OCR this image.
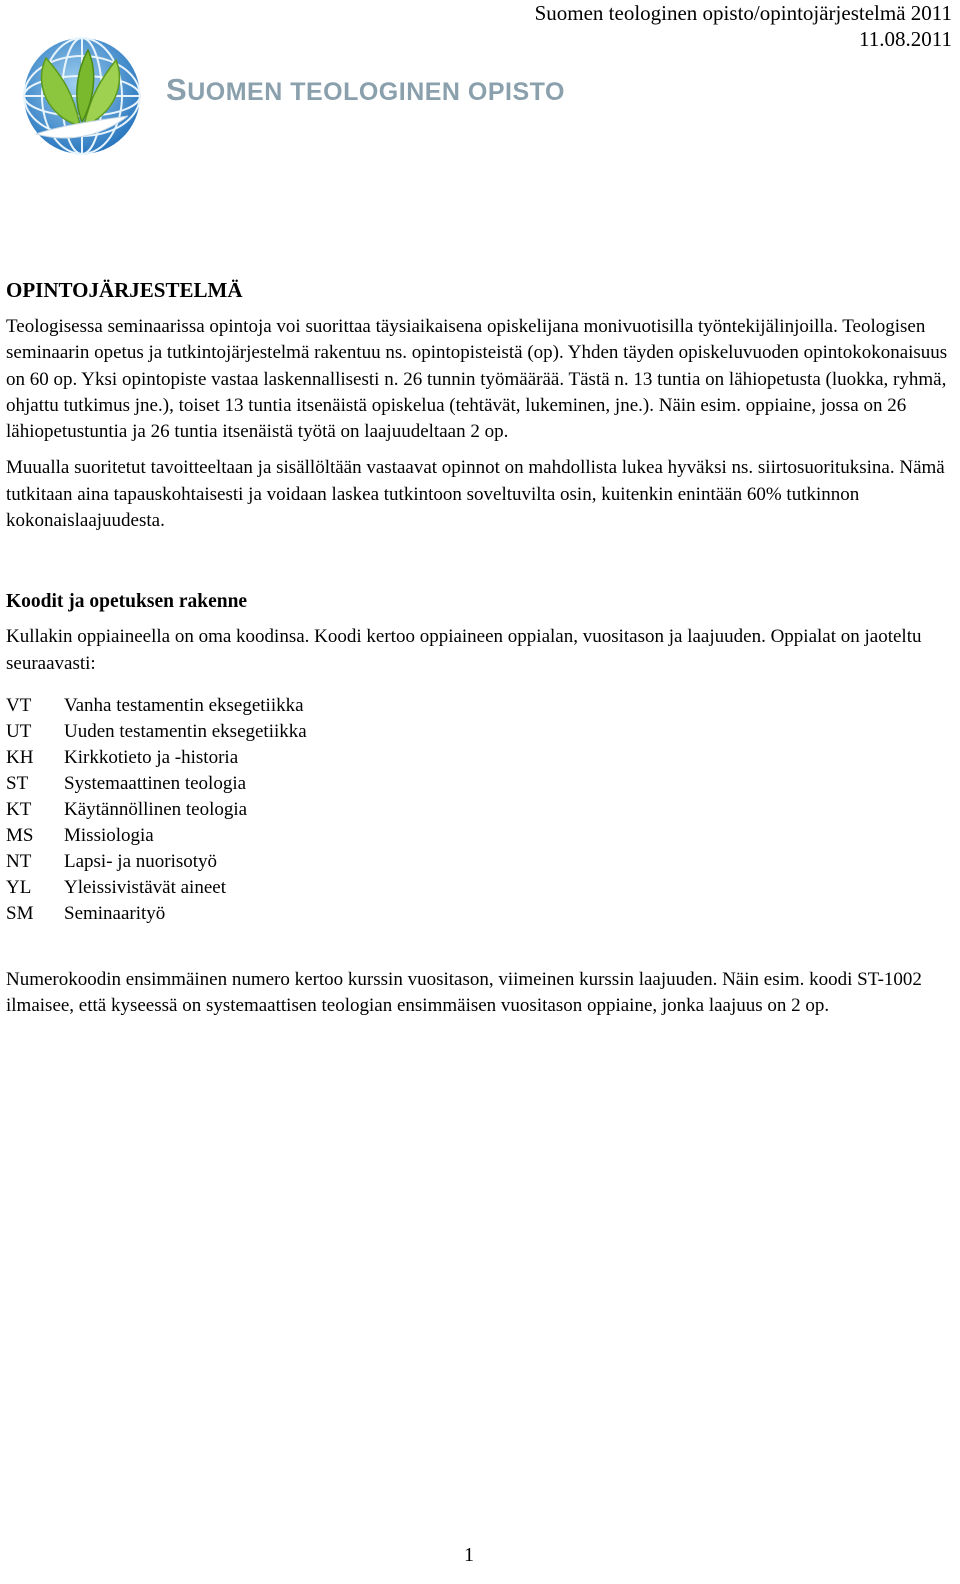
Suomen teologinen opisto/opintojärjestelmä 2011
11.08.2011
SUOMEN TEOLOGINEN OPISTO
OPINTOJÄRJESTELMÄ

Teologisessa seminaarissa opintoja voi suorittaa täysiaikaisena opiskelijana monivuotisilla työntekijälinjoilla. Teologisen seminaarin opetus ja tutkintojärjestelmä rakentuu ns. opintopisteistä (op). Yhden täyden opiskeluvuoden opintokokonaisuus on 60 op. Yksi opintopiste vastaa laskennallisesti n. 26 tunnin työmäärää. Tästä n. 13 tuntia on lähiopetusta (luokka, ryhmä, ohjattu tutkimus jne.), toiset 13 tuntia itsenäistä opiskelua (tehtävät, lukeminen, jne.). Näin esim. oppiaine, jossa on 26 lähiopetustuntia ja 26 tuntia itsenäistä työtä on laajuudeltaan 2 op.

Muualla suoritetut tavoitteeltaan ja sisällöltään vastaavat opinnot on mahdollista lukea hyväksi ns. siirtosuorituksina. Nämä tutkitaan aina tapauskohtaisesti ja voidaan laskea tutkintoon soveltuvilta osin, kuitenkin enintään 60% tutkinnon kokonaislaajuudesta.

Koodit ja opetuksen rakenne

Kullakin oppiaineella on oma koodinsa. Koodi kertoo oppiaineen oppialan, vuositason ja laajuuden. Oppialat on jaoteltu seuraavasti:

VT	Vanha testamentin eksegetiikka
UT	Uuden testamentin eksegetiikka
KH	Kirkkotieto ja -historia
ST	Systemaattinen teologia
KT	Käytännöllinen teologia
MS	Missiologia
NT	Lapsi- ja nuorisotyö
YL	Yleissivistävät aineet
SM	Seminaarityö

Numerokoodin ensimmäinen numero kertoo kurssin vuositason, viimeinen kurssin laajuuden. Näin esim. koodi ST-1002 ilmaisee, että kyseessä on systemaattisen teologian ensimmäisen vuositason oppiaine, jonka laajuus on 2 op.

1
